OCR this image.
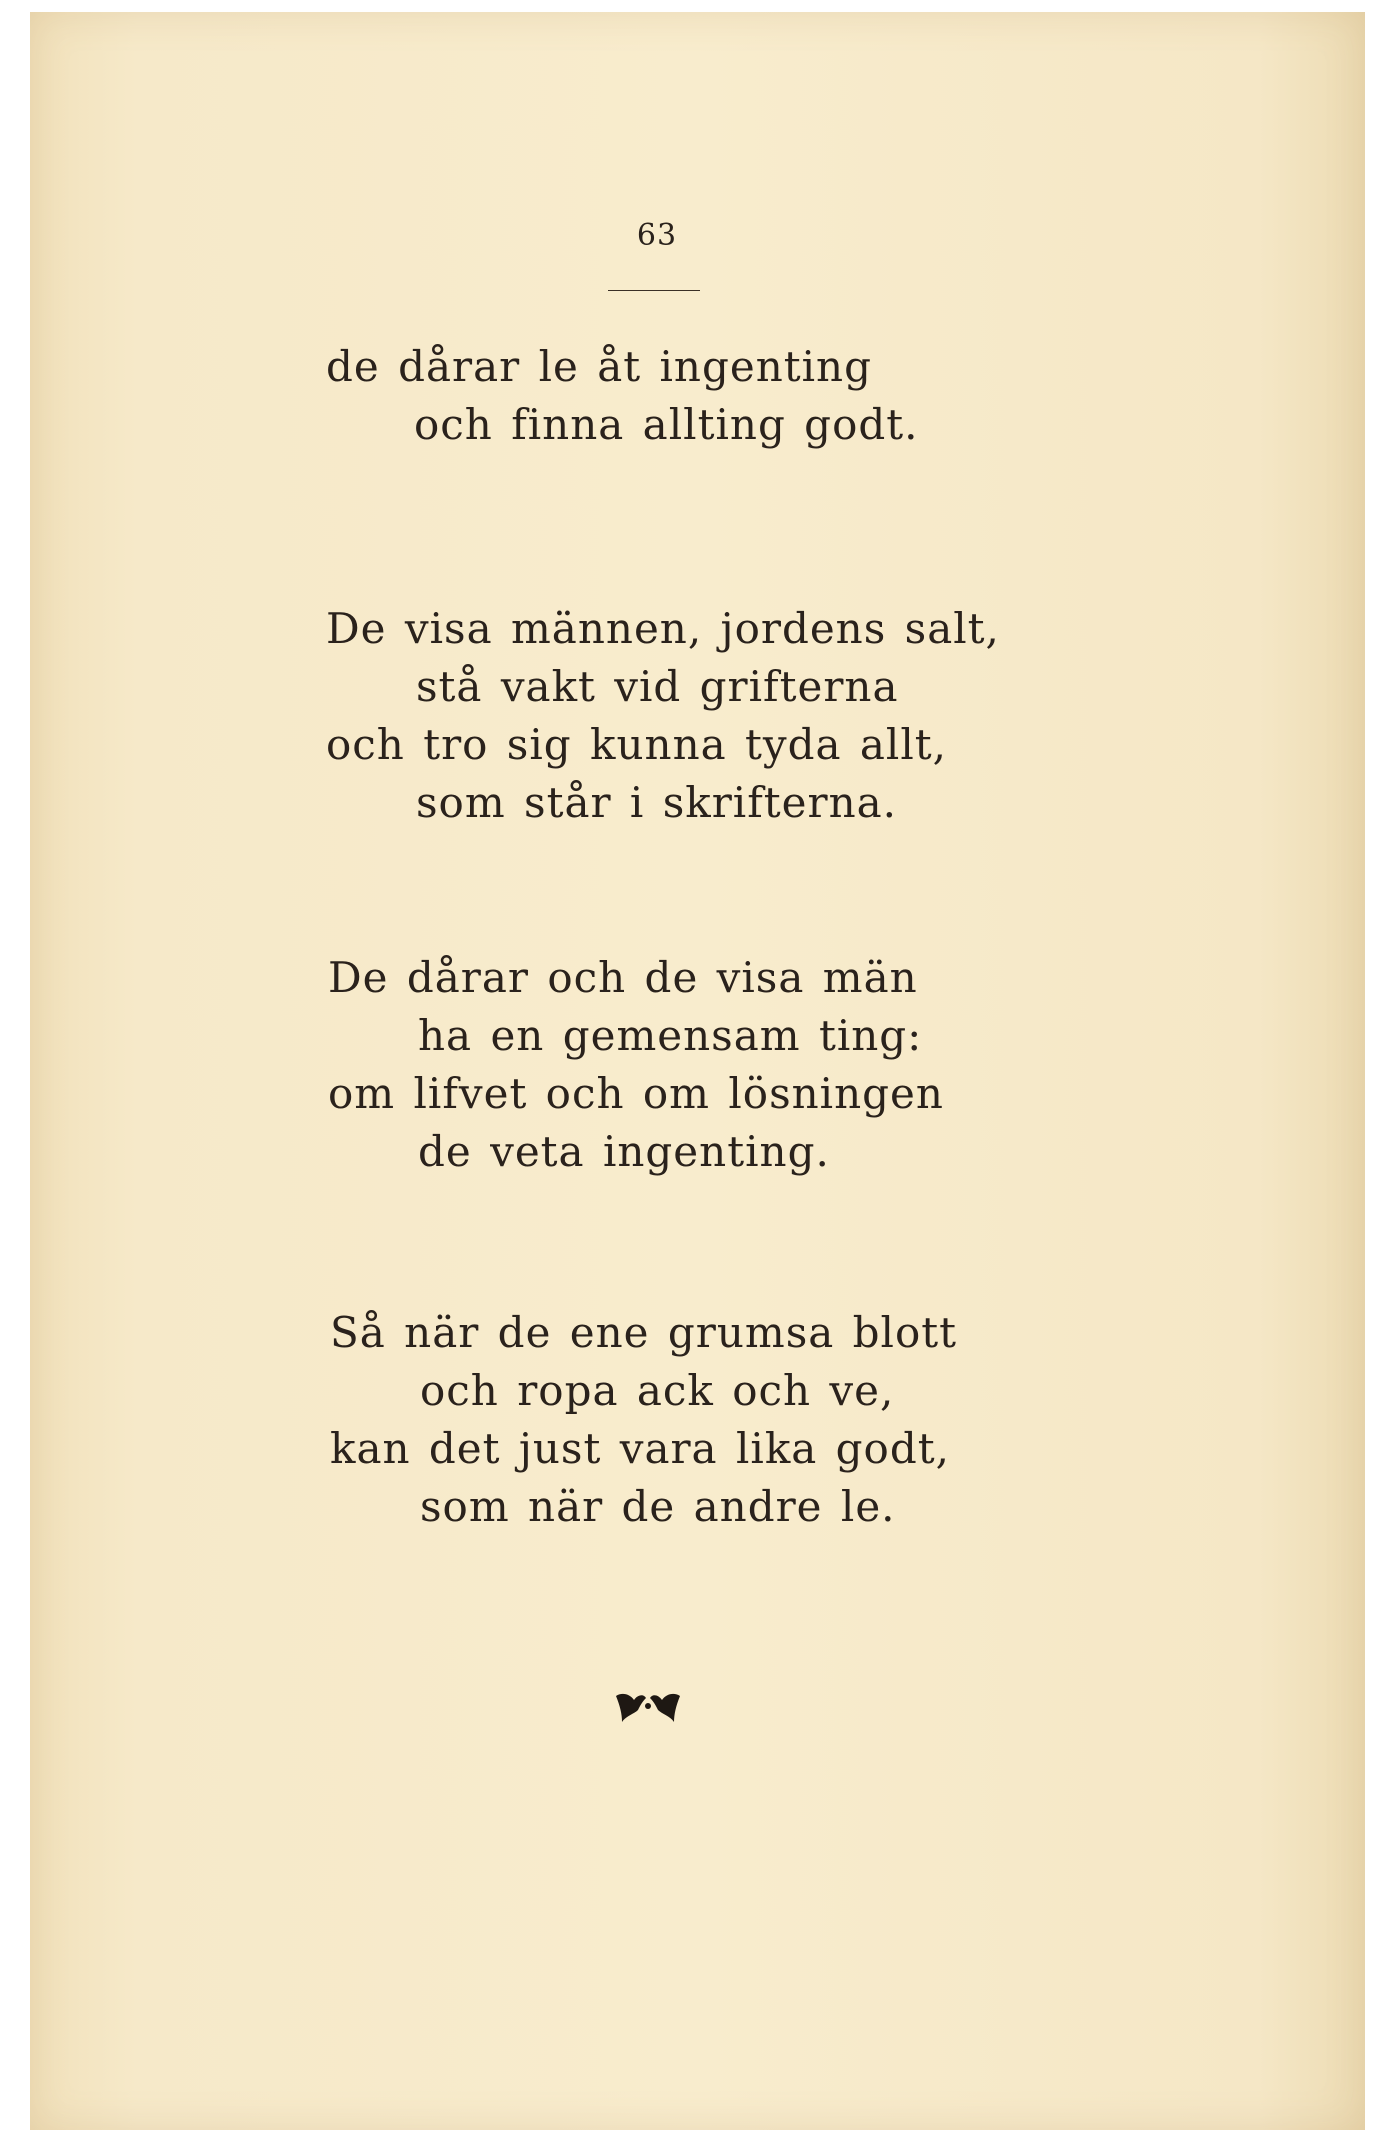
63
de dårar le åt ingenting
och finna allting godt.
De visa männen, jordens salt,
stå vakt vid grifterna
och tro sig kunna tyda allt,
som står i skrifterna.
De dårar och de visa män
ha en gemensam ting:
om lifvet och om lösningen
de veta ingenting.
Så när de ene grumsa blott
och ropa ack och ve,
kan det just vara lika godt,
som när de andre le.
